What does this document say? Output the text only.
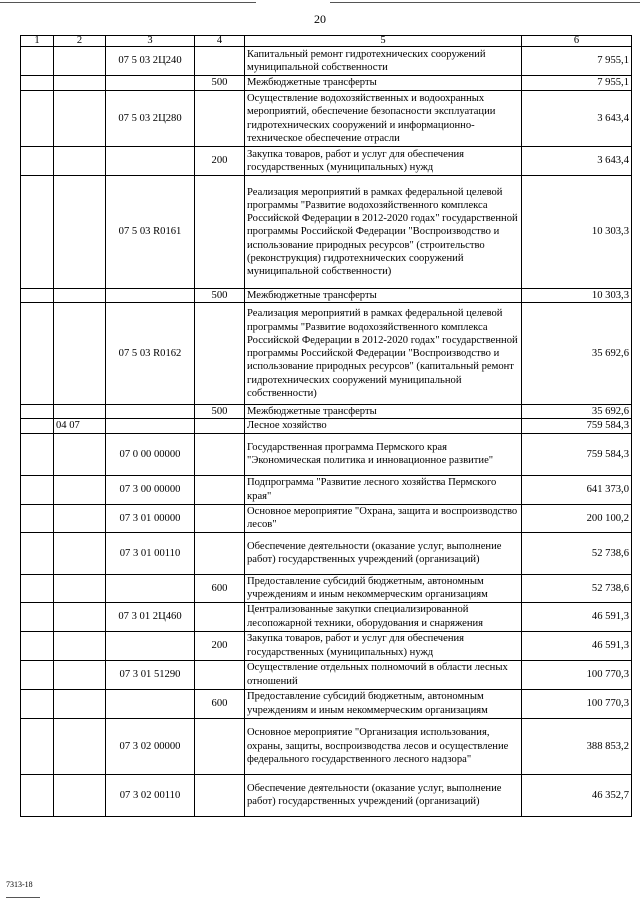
20
1	2	3	4	5	6
		07 5 03 2Ц240		Капитальный ремонт гидротехнических сооружений муниципальной собственности	7 955,1
			500	Межбюджетные трансферты	7 955,1
		07 5 03 2Ц280		Осуществление водохозяйственных и водоохранных мероприятий, обеспечение безопасности эксплуатации гидротехнических сооружений и информационно-техническое обеспечение отрасли	3 643,4
			200	Закупка товаров, работ и услуг для обеспечения государственных (муниципальных) нужд	3 643,4
		07 5 03 R0161		Реализация мероприятий в рамках федеральной целевой программы "Развитие водохозяйственного комплекса Российской Федерации в 2012-2020 годах" государственной программы Российской Федерации "Воспроизводство и использование природных ресурсов" (строительство (реконструкция) гидротехнических сооружений муниципальной собственности)	10 303,3
			500	Межбюджетные трансферты	10 303,3
		07 5 03 R0162		Реализация мероприятий в рамках федеральной целевой программы "Развитие водохозяйственного комплекса Российской Федерации в 2012-2020 годах" государственной программы Российской Федерации "Воспроизводство и использование природных ресурсов" (капитальный ремонт гидротехнических сооружений муниципальной собственности)	35 692,6
			500	Межбюджетные трансферты	35 692,6
	04 07			Лесное хозяйство	759 584,3
		07 0 00 00000		Государственная программа Пермского края "Экономическая политика и инновационное развитие"	759 584,3
		07 3 00 00000		Подпрограмма "Развитие лесного хозяйства Пермского края"	641 373,0
		07 3 01 00000		Основное мероприятие "Охрана, защита и воспроизводство лесов"	200 100,2
		07 3 01 00110		Обеспечение деятельности (оказание услуг, выполнение работ) государственных учреждений (организаций)	52 738,6
			600	Предоставление субсидий бюджетным, автономным учреждениям и иным некоммерческим организациям	52 738,6
		07 3 01 2Ц460		Централизованные закупки специализированной лесопожарной техники, оборудования и снаряжения	46 591,3
			200	Закупка товаров, работ и услуг для обеспечения государственных (муниципальных) нужд	46 591,3
		07 3 01 51290		Осуществление отдельных полномочий в области лесных отношений	100 770,3
			600	Предоставление субсидий бюджетным, автономным учреждениям и иным некоммерческим организациям	100 770,3
		07 3 02 00000		Основное мероприятие "Организация использования, охраны, защиты, воспроизводства лесов и осуществление федерального государственного лесного надзора"	388 853,2
		07 3 02 00110		Обеспечение деятельности (оказание услуг, выполнение работ) государственных учреждений (организаций)	46 352,7
7313-18
